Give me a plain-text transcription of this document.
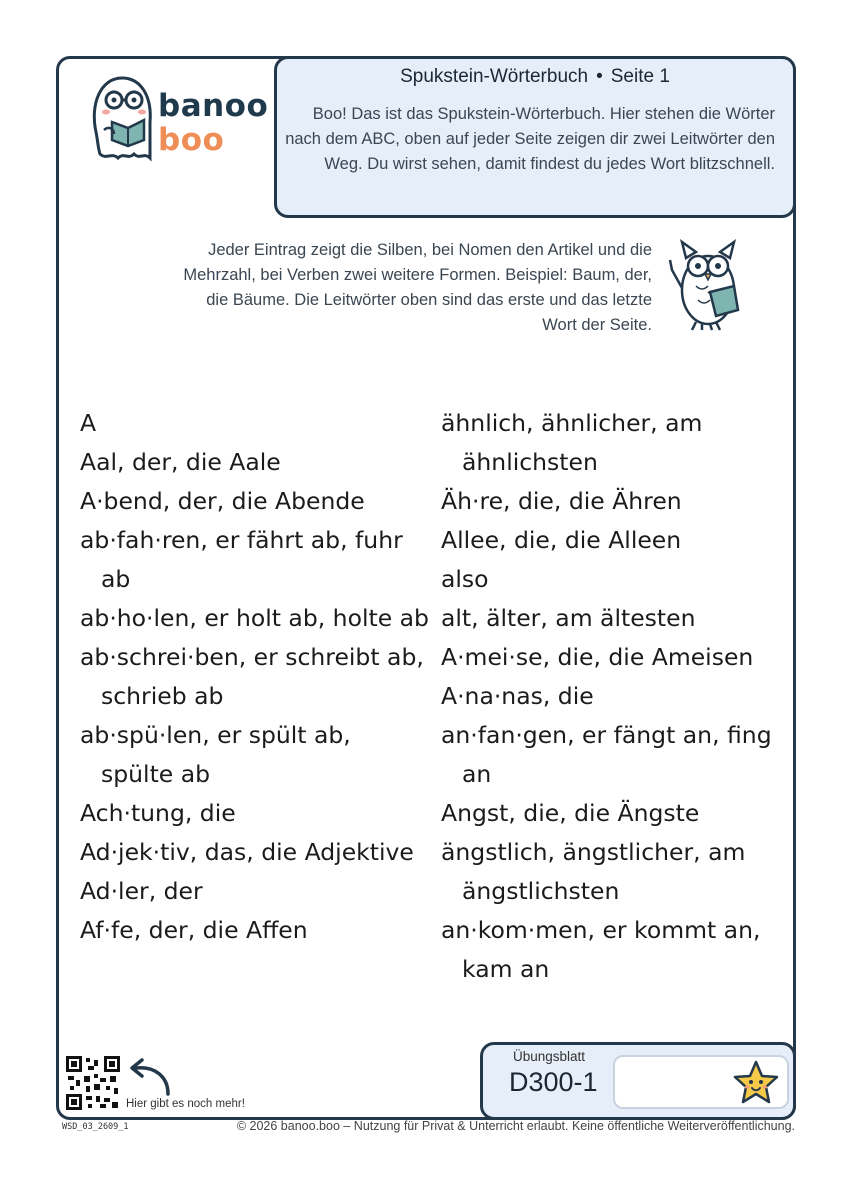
banoo
boo
Spukstein-Wörterbuch • Seite 1
Boo! Das ist das Spukstein-Wörterbuch. Hier stehen die Wörter nach dem ABC, oben auf jeder Seite zeigen dir zwei Leitwörter den Weg. Du wirst sehen, damit findest du jedes Wort blitzschnell.
Jeder Eintrag zeigt die Silben, bei Nomen den Artikel und die Mehrzahl, bei Verben zwei weitere Formen. Beispiel: Baum, der, die Bäume. Die Leitwörter oben sind das erste und das letzte Wort der Seite.
A
Aal, der, die Aale
A·bend, der, die Abende
ab·fah·ren, er fährt ab, fuhr ab
ab·ho·len, er holt ab, holte ab
ab·schrei·ben, er schreibt ab, schrieb ab
ab·spü·len, er spült ab, spülte ab
Ach·tung, die
Ad·jek·tiv, das, die Adjektive
Ad·ler, der
Af·fe, der, die Affen
ähnlich, ähnlicher, am ähnlichsten
Äh·re, die, die Ähren
Allee, die, die Alleen
also
alt, älter, am ältesten
A·mei·se, die, die Ameisen
A·na·nas, die
an·fan·gen, er fängt an, fing an
Angst, die, die Ängste
ängstlich, ängstlicher, am ängstlichsten
an·kom·men, er kommt an, kam an
Hier gibt es noch mehr!
Übungsblatt
D300-1
WSD_03_2609_1	© 2026 banoo.boo – Nutzung für Privat & Unterricht erlaubt. Keine öffentliche Weiterveröffentlichung.
